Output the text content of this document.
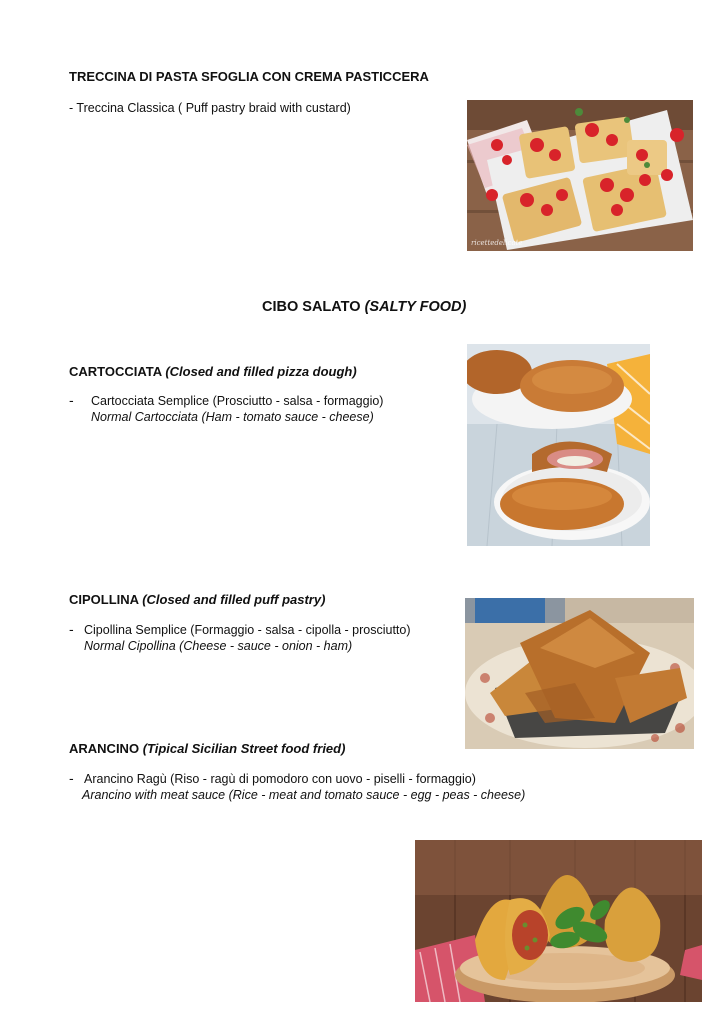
TRECCINA DI PASTA SFOGLIA CON CREMA PASTICCERA
- Treccina Classica ( Puff pastry braid with custard)
ricettedelicate
CIBO SALATO (SALTY FOOD)
CARTOCCIATA (Closed and filled pizza dough)
- Cartocciata Semplice (Prosciutto - salsa - formaggio)
Normal Cartocciata (Ham - tomato sauce - cheese)
CIPOLLINA (Closed and filled puff pastry)
- Cipollina Semplice (Formaggio - salsa - cipolla - prosciutto)
Normal Cipollina (Cheese - sauce - onion - ham)
ARANCINO (Tipical Sicilian Street food fried)
- Arancino Ragù (Riso - ragù di pomodoro con uovo - piselli - formaggio)
Arancino with meat sauce (Rice - meat and tomato sauce - egg - peas - cheese)
